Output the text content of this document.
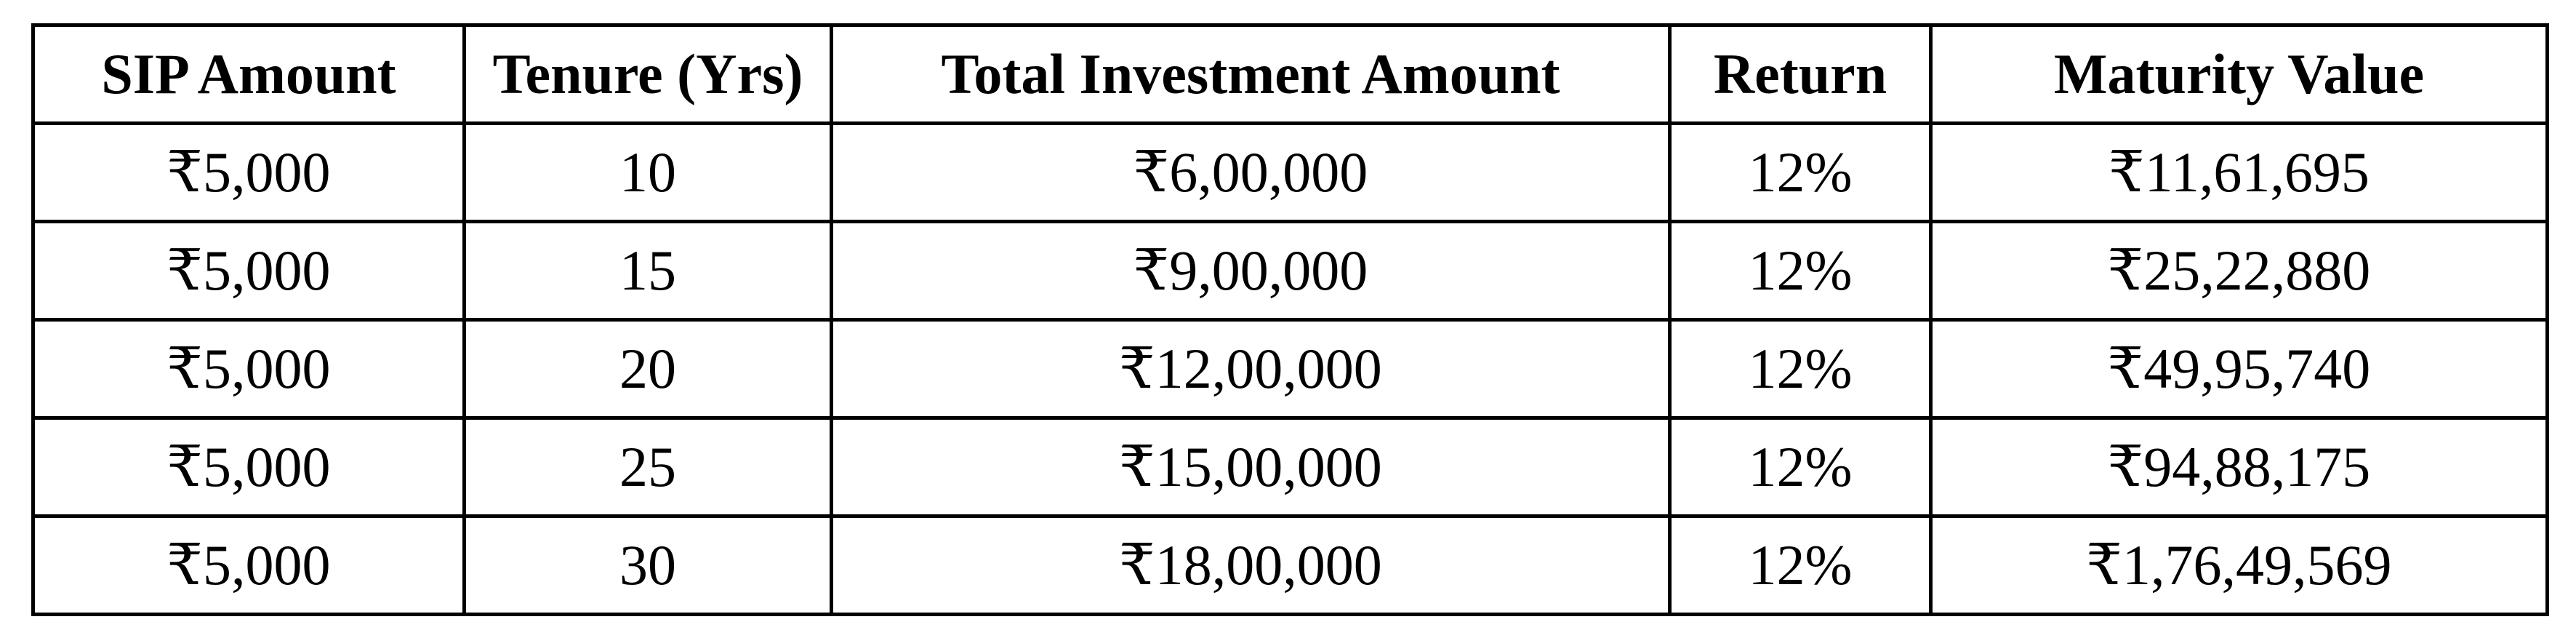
SIP Amount	Tenure (Yrs)	Total Investment Amount	Return	Maturity Value
₹5,000	10	₹6,00,000	12%	₹11,61,695
₹5,000	15	₹9,00,000	12%	₹25,22,880
₹5,000	20	₹12,00,000	12%	₹49,95,740
₹5,000	25	₹15,00,000	12%	₹94,88,175
₹5,000	30	₹18,00,000	12%	₹1,76,49,569
